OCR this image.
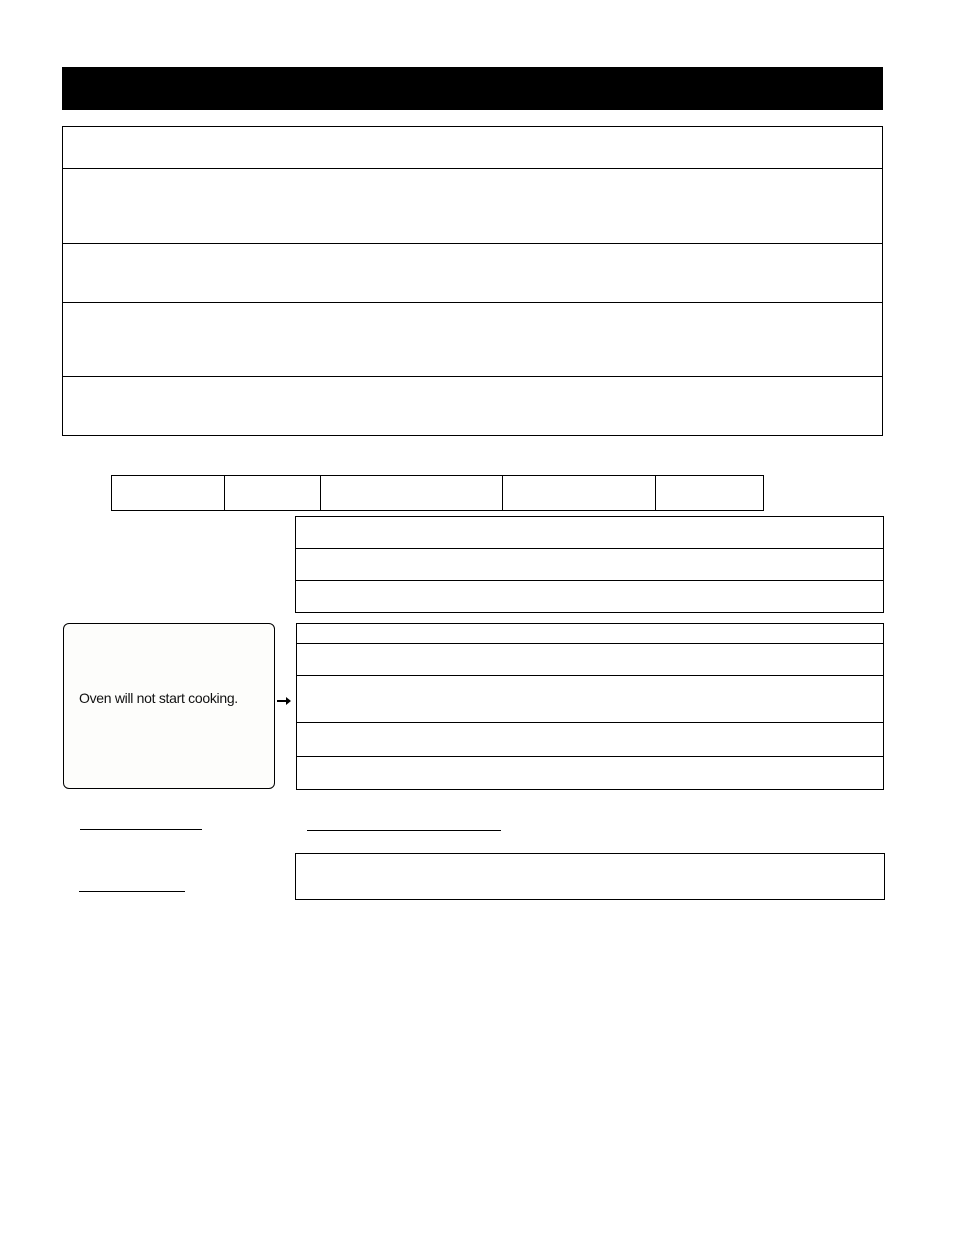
Oven will not start cooking.
